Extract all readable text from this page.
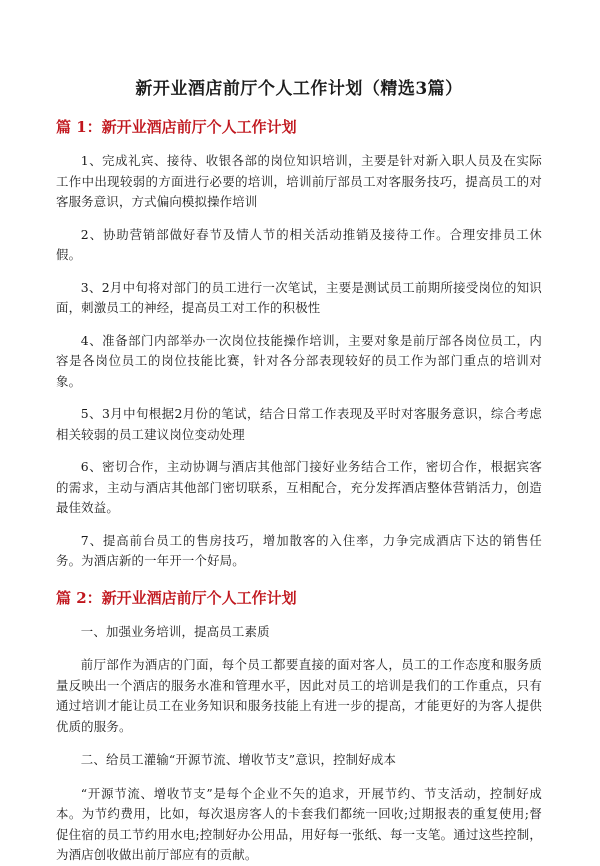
新开业酒店前厅个人工作计划（精选3篇）
篇 1：新开业酒店前厅个人工作计划

1、完成礼宾、接待、收银各部的岗位知识培训，主要是针对新入职人员及在实际工作中出现较弱的方面进行必要的培训，培训前厅部员工对客服务技巧，提高员工的对客服务意识，方式偏向模拟操作培训

2、协助营销部做好春节及情人节的相关活动推销及接待工作。合理安排员工休假。

3、2月中旬将对部门的员工进行一次笔试，主要是测试员工前期所接受岗位的知识面，刺激员工的神经，提高员工对工作的积极性

4、准备部门内部举办一次岗位技能操作培训，主要对象是前厅部各岗位员工，内容是各岗位员工的岗位技能比赛，针对各分部表现较好的员工作为部门重点的培训对象。

5、3月中旬根据2月份的笔试，结合日常工作表现及平时对客服务意识，综合考虑相关较弱的员工建议岗位变动处理

6、密切合作，主动协调与酒店其他部门接好业务结合工作，密切合作，根据宾客的需求，主动与酒店其他部门密切联系，互相配合，充分发挥酒店整体营销活力，创造最佳效益。

7、提高前台员工的售房技巧，增加散客的入住率，力争完成酒店下达的销售任务。为酒店新的一年开一个好局。

篇 2：新开业酒店前厅个人工作计划

一、加强业务培训，提高员工素质

前厅部作为酒店的门面，每个员工都要直接的面对客人，员工的工作态度和服务质量反映出一个酒店的服务水准和管理水平，因此对员工的培训是我们的工作重点，只有通过培训才能让员工在业务知识和服务技能上有进一步的提高，才能更好的为客人提供优质的服务。

二、给员工灌输“开源节流、增收节支”意识，控制好成本

“开源节流、增收节支”是每个企业不矢的追求，开展节约、节支活动，控制好成本。为节约费用，比如，每次退房客人的卡套我们都统一回收;过期报表的重复使用;督促住宿的员工节约用水电;控制好办公用品，用好每一张纸、每一支笔。通过这些控制，为酒店创收做出前厅部应有的贡献。
